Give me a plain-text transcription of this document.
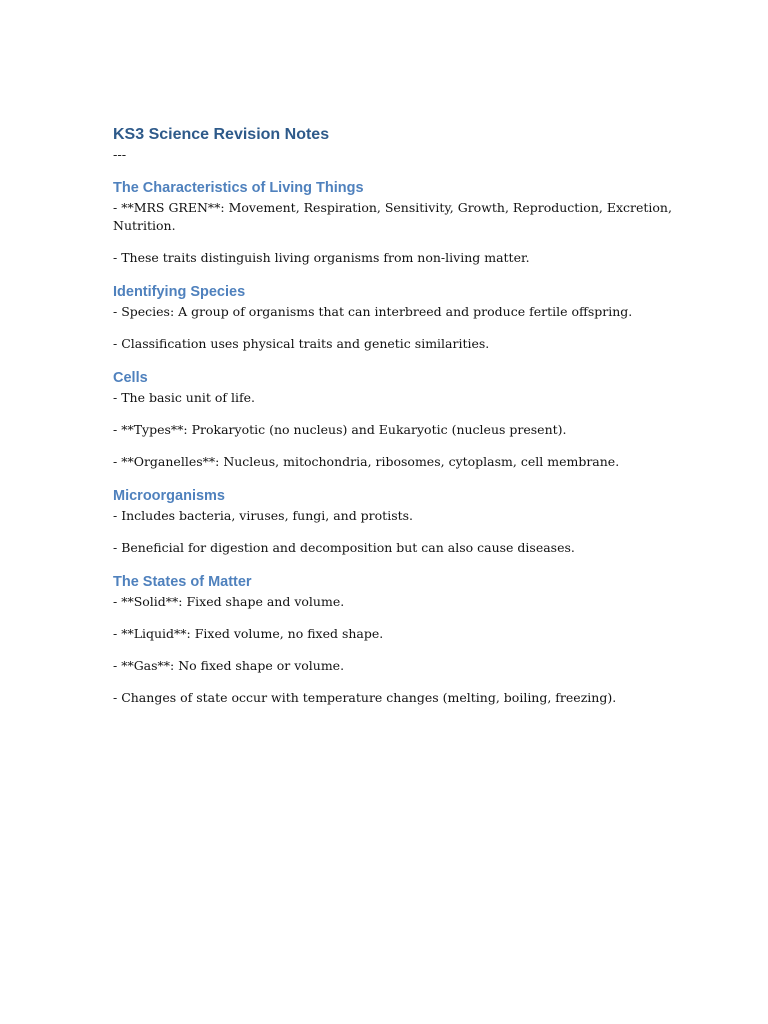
KS3 Science Revision Notes

---

The Characteristics of Living Things

- **MRS GREN**: Movement, Respiration, Sensitivity, Growth, Reproduction, Excretion, Nutrition.

- These traits distinguish living organisms from non-living matter.

Identifying Species

- Species: A group of organisms that can interbreed and produce fertile offspring.

- Classification uses physical traits and genetic similarities.

Cells

- The basic unit of life.

- **Types**: Prokaryotic (no nucleus) and Eukaryotic (nucleus present).

- **Organelles**: Nucleus, mitochondria, ribosomes, cytoplasm, cell membrane.

Microorganisms

- Includes bacteria, viruses, fungi, and protists.

- Beneficial for digestion and decomposition but can also cause diseases.

The States of Matter

- **Solid**: Fixed shape and volume.

- **Liquid**: Fixed volume, no fixed shape.

- **Gas**: No fixed shape or volume.

- Changes of state occur with temperature changes (melting, boiling, freezing).
